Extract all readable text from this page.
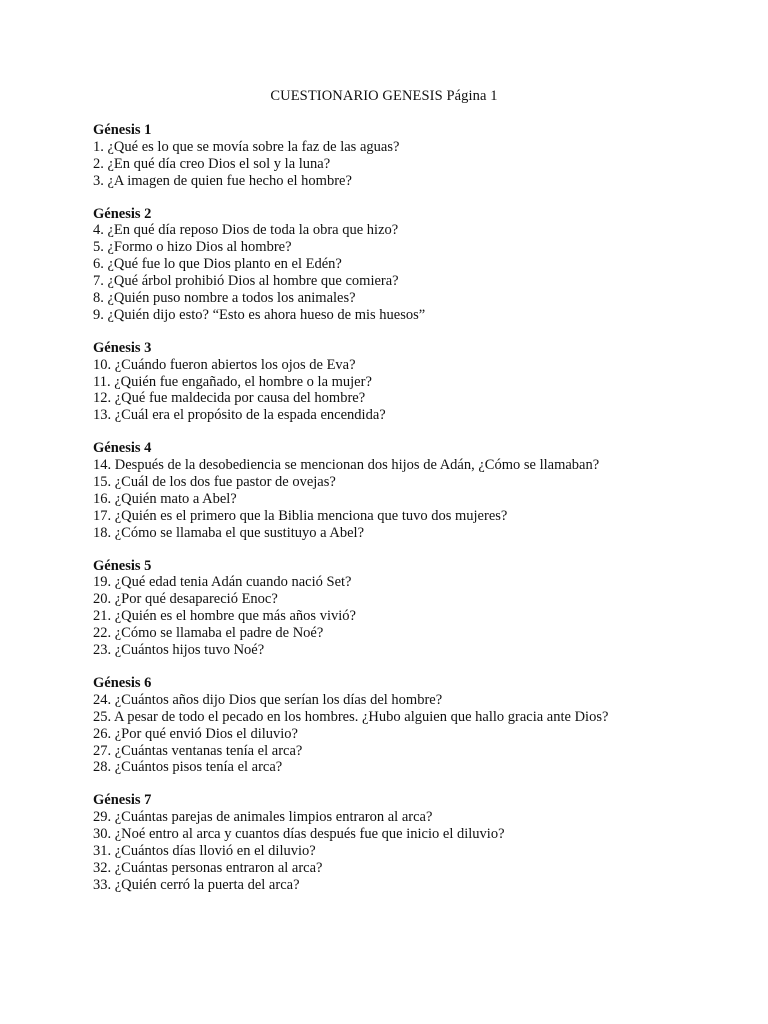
CUESTIONARIO GENESIS Página 1
Génesis 1
1. ¿Qué es lo que se movía sobre la faz de las aguas?
2. ¿En qué día creo Dios el sol y la luna?
3. ¿A imagen de quien fue hecho el hombre?
Génesis 2
4. ¿En qué día reposo Dios de toda la obra que hizo?
5. ¿Formo o hizo Dios al hombre?
6. ¿Qué fue lo que Dios planto en el Edén?
7. ¿Qué árbol prohibió Dios al hombre que comiera?
8. ¿Quién puso nombre a todos los animales?
9. ¿Quién dijo esto? “Esto es ahora hueso de mis huesos”
Génesis 3
10. ¿Cuándo fueron abiertos los ojos de Eva?
11. ¿Quién fue engañado, el hombre o la mujer?
12. ¿Qué fue maldecida por causa del hombre?
13. ¿Cuál era el propósito de la espada encendida?
Génesis 4
14. Después de la desobediencia se mencionan dos hijos de Adán, ¿Cómo se llamaban?
15. ¿Cuál de los dos fue pastor de ovejas?
16. ¿Quién mato a Abel?
17. ¿Quién es el primero que la Biblia menciona que tuvo dos mujeres?
18. ¿Cómo se llamaba el que sustituyo a Abel?
Génesis 5
19. ¿Qué edad tenia Adán cuando nació Set?
20. ¿Por qué desapareció Enoc?
21. ¿Quién es el hombre que más años vivió?
22. ¿Cómo se llamaba el padre de Noé?
23. ¿Cuántos hijos tuvo Noé?
Génesis 6
24. ¿Cuántos años dijo Dios que serían los días del hombre?
25. A pesar de todo el pecado en los hombres. ¿Hubo alguien que hallo gracia ante Dios?
26. ¿Por qué envió Dios el diluvio?
27. ¿Cuántas ventanas tenía el arca?
28. ¿Cuántos pisos tenía el arca?
Génesis 7
29. ¿Cuántas parejas de animales limpios entraron al arca?
30. ¿Noé entro al arca y cuantos días después fue que inicio el diluvio?
31. ¿Cuántos días llovió en el diluvio?
32. ¿Cuántas personas entraron al arca?
33. ¿Quién cerró la puerta del arca?
